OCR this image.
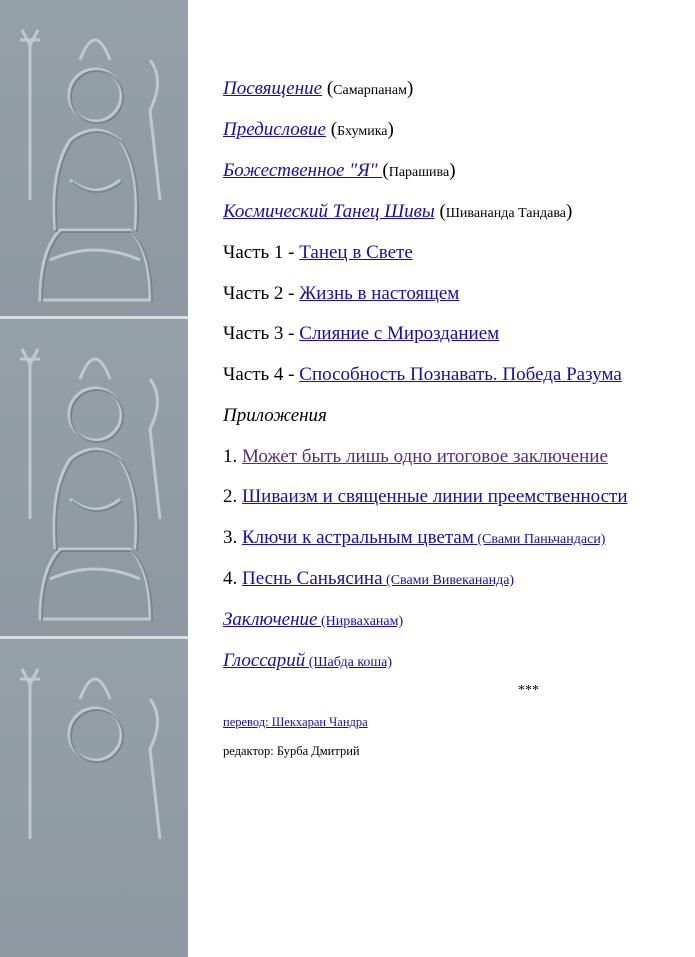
Посвящение (Самарпанам)
Предисловие (Бхумика)
Божественное "Я" (Парашива)
Космический Танец Шивы (Шивананда Тандава)
Часть 1 - Танец в Свете
Часть 2 - Жизнь в настоящем
Часть 3 - Слияние с Мирозданием
Часть 4 - Способность Познавать. Победа Разума
Приложения
1. Может быть лишь одно итоговое заключение
2. Шиваизм и священные линии преемственности
3. Ключи к астральным цветам (Свами Паньчандаси)
4. Песнь Саньясина (Свами Вивекананда)
Заключение (Нирваханам)
Глоссарий (Шабда коша)
***
перевод: Шекхаран Чандра
редактор: Бурба Дмитрий
